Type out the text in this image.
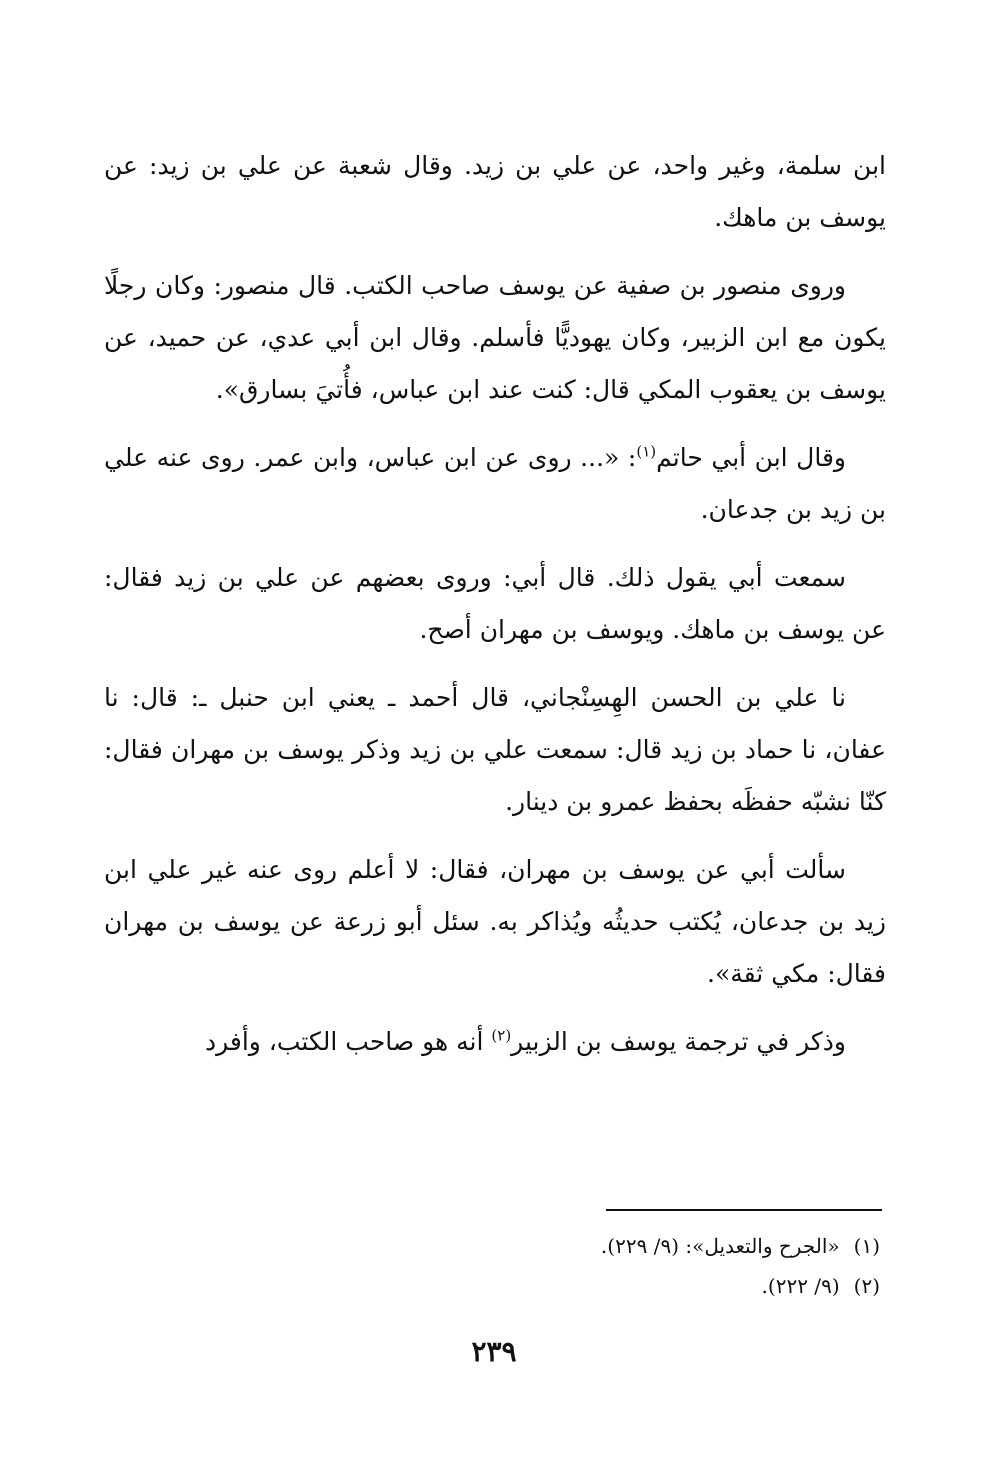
ابن سلمة، وغير واحد، عن علي بن زيد. وقال شعبة عن علي بن زيد: عن يوسف بن ماهك.

وروى منصور بن صفية عن يوسف صاحب الكتب. قال منصور: وكان رجلًا يكون مع ابن الزبير، وكان يهوديًّا فأسلم. وقال ابن أبي عدي، عن حميد، عن يوسف بن يعقوب المكي قال: كنت عند ابن عباس، فأُتيَ بسارق».

وقال ابن أبي حاتم$^{(١)}$: «... روى عن ابن عباس، وابن عمر. روى عنه علي بن زيد بن جدعان.

سمعت أبي يقول ذلك. قال أبي: وروى بعضهم عن علي بن زيد فقال: عن يوسف بن ماهك. ويوسف بن مهران أصح.

نا علي بن الحسن الهِسِنْجاني، قال أحمد ـ يعني ابن حنبل ـ: قال: نا عفان، نا حماد بن زيد قال: سمعت علي بن زيد وذكر يوسف بن مهران فقال: كنّا نشبّه حفظَه بحفظ عمرو بن دينار.

سألت أبي عن يوسف بن مهران، فقال: لا أعلم روى عنه غير علي ابن زيد بن جدعان، يُكتب حديثُه ويُذاكر به. سئل أبو زرعة عن يوسف بن مهران فقال: مكي ثقة».

وذكر في ترجمة يوسف بن الزبير$^{(٢)}$ أنه هو صاحب الكتب، وأفرد

(١)«الجرح والتعديل»: (٩/ ٢٢٩).
(٢)(٩/ ٢٢٢).
٢٣٩
